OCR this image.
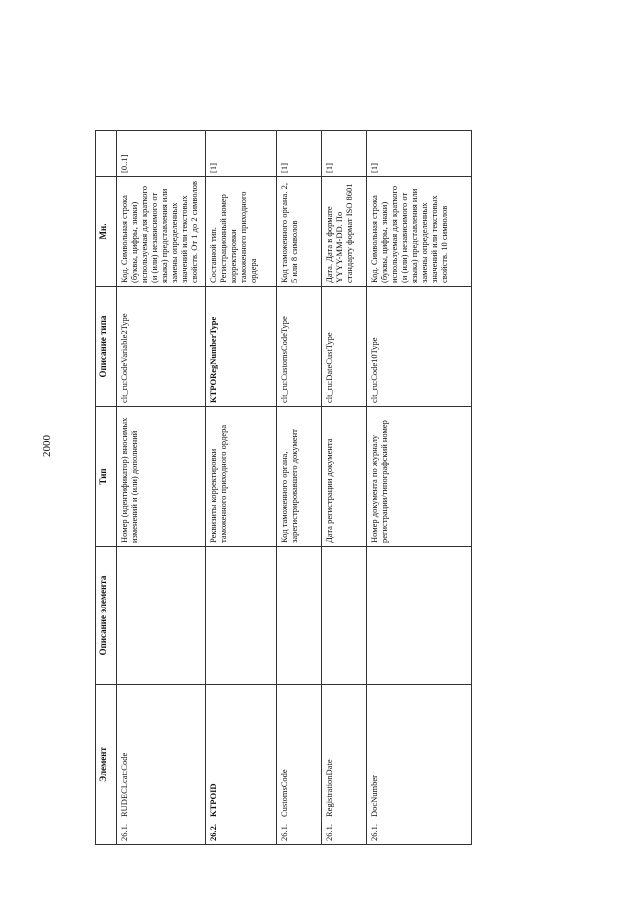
2000
Элемент	Описание элемента	Тип	Описание типа	Мн.	
26.1.RUDECLcat:Code		Номер (идентификатор) вносимых изменений и (или) дополнений	clt_ru:CodeVariable2Type	Код. Символьная строка (буквы, цифры, знаки) используемая для краткого (и (или) независимого от языка) представления или замены определенных значений или текстовых свойств. От 1 до 2 символов	[0..1]
26.2.KTPOID		Реквизиты корректировки таможенного приходного ордера	KTPORegNumberType	Составной тип. Регистрационный номер корректировки таможенного приходного ордера	[1]
26.1.CustomsCode		Код таможенного органа, зарегистрировавшего документ	clt_ru:CustomsCodeType	Код таможенного органа. 2, 5 или 8 символов	[1]
26.1.RegistrationDate		Дата регистрации документа	clt_ru:DateCustType	Дата. Дата в формате YYYY-MM-DD. По стандарту формат ISO 8601	[1]
26.1.DocNumber		Номер документа по журналу регистрации/типографский номер	clt_ru:Code10Type	Код. Символьная строка (буквы, цифры, знаки) используемая для краткого (и (или) независимого от языка) представления или замены определенных значений или текстовых свойств. 10 символов	[1]
